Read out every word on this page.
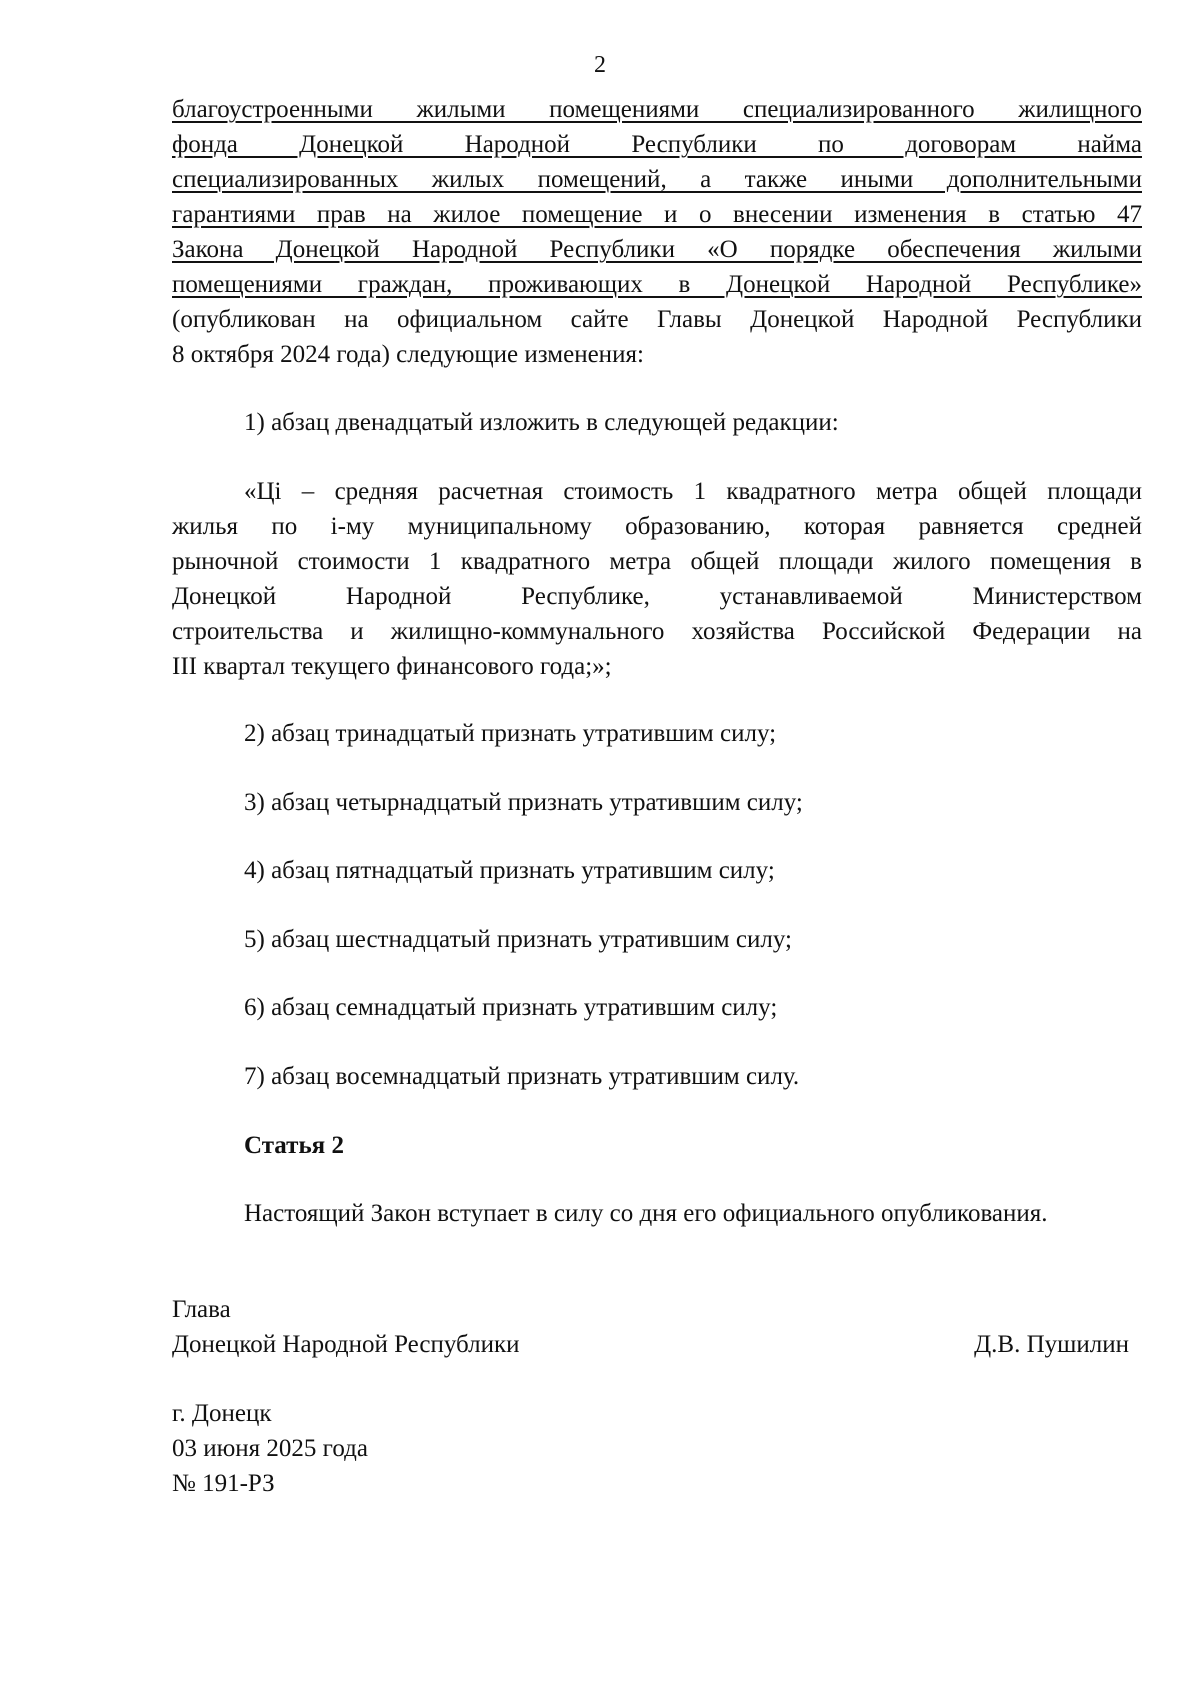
2
благоустроенными жилыми помещениями специализированного жилищного
фонда Донецкой Народной Республики по договорам найма
специализированных жилых помещений, а также иными дополнительными
гарантиями прав на жилое помещение и о внесении изменения в статью 47
Закона Донецкой Народной Республики «О порядке обеспечения жилыми
помещениями граждан, проживающих в Донецкой Народной Республике»
(опубликован на официальном сайте Главы Донецкой Народной Республики
8 октября 2024 года) следующие изменения:
1) абзац двенадцатый изложить в следующей редакции:
«Ці – средняя расчетная стоимость 1 квадратного метра общей площади
жилья по і-му муниципальному образованию, которая равняется средней
рыночной стоимости 1 квадратного метра общей площади жилого помещения в
Донецкой Народной Республике, устанавливаемой Министерством
строительства и жилищно-коммунального хозяйства Российской Федерации на
III квартал текущего финансового года;»;
2) абзац тринадцатый признать утратившим силу;
3) абзац четырнадцатый признать утратившим силу;
4) абзац пятнадцатый признать утратившим силу;
5) абзац шестнадцатый признать утратившим силу;
6) абзац семнадцатый признать утратившим силу;
7) абзац восемнадцатый признать утратившим силу.
Статья 2
Настоящий Закон вступает в силу со дня его официального опубликования.
Глава
Донецкой Народной Республики	Д.В. Пушилин
г. Донецк
03 июня 2025 года
№ 191-РЗ
